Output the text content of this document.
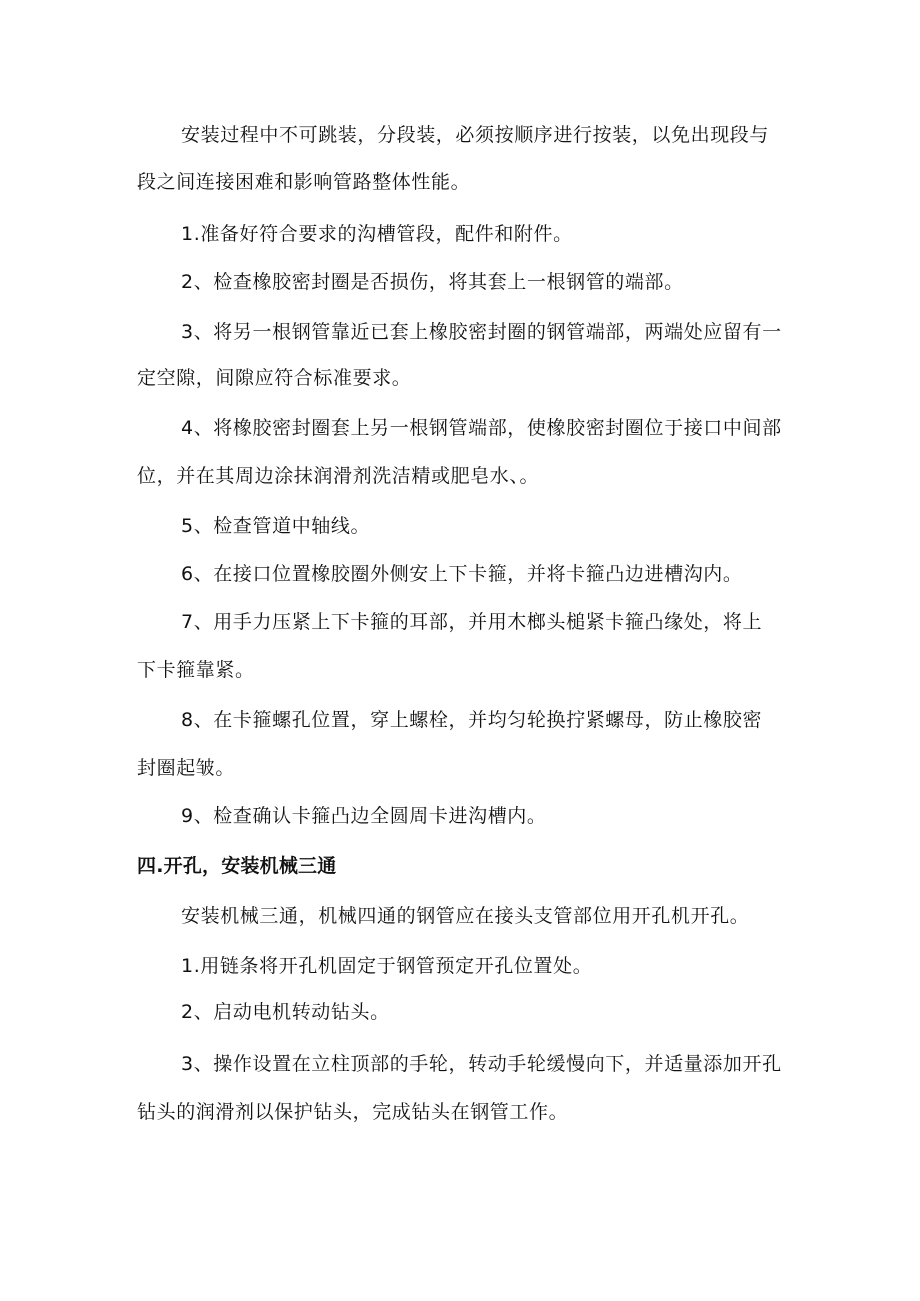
安装过程中不可跳装，分段装，必须按顺序进行按装，以免出现段与
段之间连接困难和影响管路整体性能。
1.准备好符合要求的沟槽管段，配件和附件。
2、检查橡胶密封圈是否损伤，将其套上一根钢管的端部。
3、将另一根钢管靠近已套上橡胶密封圈的钢管端部，两端处应留有一
定空隙，间隙应符合标准要求。
4、将橡胶密封圈套上另一根钢管端部，使橡胶密封圈位于接口中间部
位，并在其周边涂抹润滑剂洗洁精或肥皂水、。
5、检查管道中轴线。
6、在接口位置橡胶圈外侧安上下卡箍，并将卡箍凸边进槽沟内。
7、用手力压紧上下卡箍的耳部，并用木榔头槌紧卡箍凸缘处，将上
下卡箍靠紧。
8、在卡箍螺孔位置，穿上螺栓，并均匀轮换拧紧螺母，防止橡胶密
封圈起皱。
9、检查确认卡箍凸边全圆周卡进沟槽内。
四.开孔，安装机械三通
安装机械三通，机械四通的钢管应在接头支管部位用开孔机开孔。
1.用链条将开孔机固定于钢管预定开孔位置处。
2、启动电机转动钻头。
3、操作设置在立柱顶部的手轮，转动手轮缓慢向下，并适量添加开孔
钻头的润滑剂以保护钻头，完成钻头在钢管工作。
